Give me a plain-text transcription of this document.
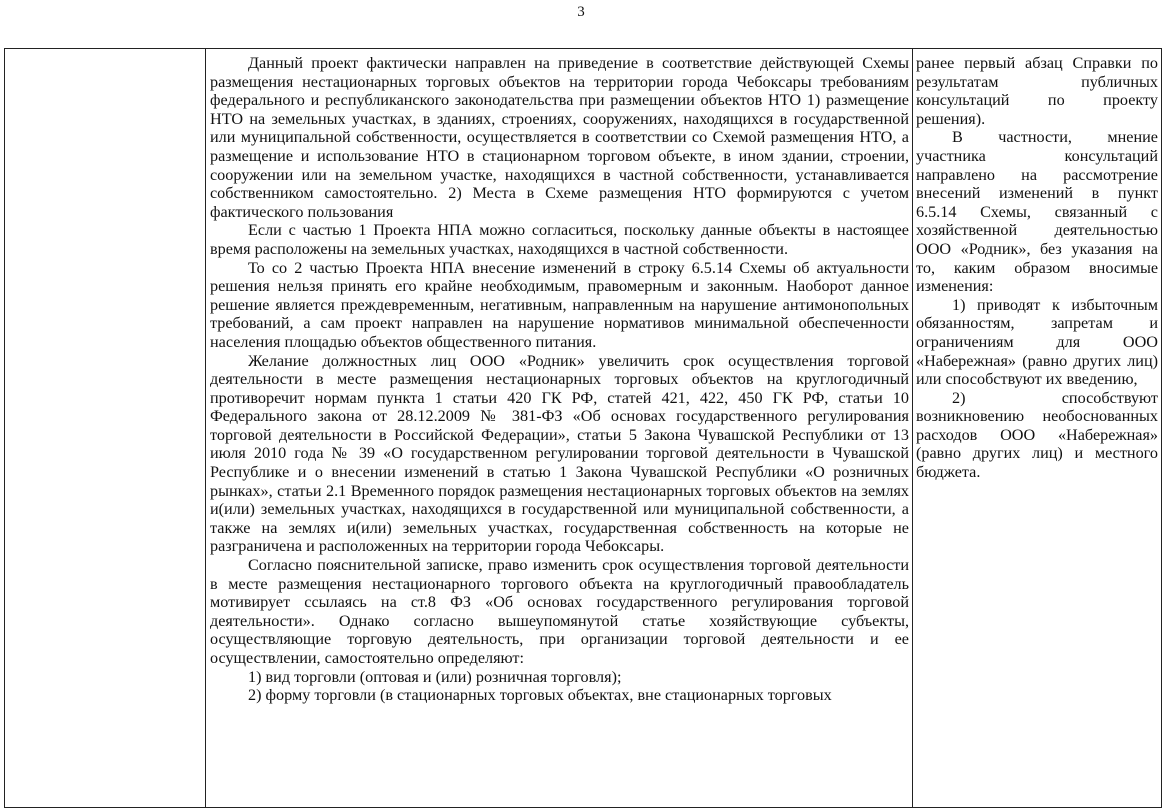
3

Данный проект фактически направлен на приведение в соответствие действующей Схемы размещения нестационарных торговых объектов на территории города Чебоксары требованиям федерального и республиканского законодательства при размещении объектов НТО 1) размещение НТО на земельных участках, в зданиях, строениях, сооружениях, находящихся в государственной или муниципальной собственности, осуществляется в соответствии со Схемой размещения НТО, а размещение и использование НТО в стационарном торговом объекте, в ином здании, строении, сооружении или на земельном участке, находящихся в частной собственности, устанавливается собственником самостоятельно. 2) Места в Схеме размещения НТО формируются с учетом фактического пользования

Если с частью 1 Проекта НПА можно согласиться, поскольку данные объекты в настоящее время расположены на земельных участках, находящихся в частной собственности.

То со 2 частью Проекта НПА внесение изменений в строку 6.5.14 Схемы об актуальности решения нельзя принять его крайне необходимым, правомерным и законным. Наоборот данное решение является преждевременным, негативным, направленным на нарушение антимонопольных требований, а сам проект направлен на нарушение нормативов минимальной обеспеченности населения площадью объектов общественного питания.

Желание должностных лиц ООО «Родник» увеличить срок осуществления торговой деятельности в месте размещения нестационарных торговых объектов на круглогодичный противоречит нормам пункта 1 статьи 420 ГК РФ, статей 421, 422, 450 ГК РФ, статьи 10 Федерального закона от 28.12.2009 № 381-ФЗ «Об основах государственного регулирования торговой деятельности в Российской Федерации», статьи 5 Закона Чувашской Республики от 13 июля 2010 года № 39 «О государственном регулировании торговой деятельности в Чувашской Республике и о внесении изменений в статью 1 Закона Чувашской Республики «О розничных рынках», статьи 2.1 Временного порядок размещения нестационарных торговых объектов на землях и(или) земельных участках, находящихся в государственной или муниципальной собственности, а также на землях и(или) земельных участках, государственная собственность на которые не разграничена и расположенных на территории города Чебоксары.

Согласно пояснительной записке, право изменить срок осуществления торговой деятельности в месте размещения нестационарного торгового объекта на круглогодичный правообладатель мотивирует ссылаясь на ст.8 ФЗ «Об основах государственного регулирования торговой деятельности». Однако согласно вышеупомянутой статье хозяйствующие субъекты, осуществляющие торговую деятельность, при организации торговой деятельности и ее осуществлении, самостоятельно определяют:

1) вид торговли (оптовая и (или) розничная торговля);

2) форму торговли (в стационарных торговых объектах, вне стационарных торговых

ранее первый абзац Справки по результатам публичных консультаций по проекту решения).

В частности, мнение участника консультаций направлено на рассмотрение внесений изменений в пункт 6.5.14 Схемы, связанный с хозяйственной деятельностью ООО «Родник», без указания на то, каким образом вносимые изменения:

1) приводят к избыточным обязанностям, запретам и ограничениям для ООО «Набережная» (равно других лиц) или способствуют их введению,

2) способствуют возникновению необоснованных расходов ООО «Набережная» (равно других лиц) и местного бюджета.
